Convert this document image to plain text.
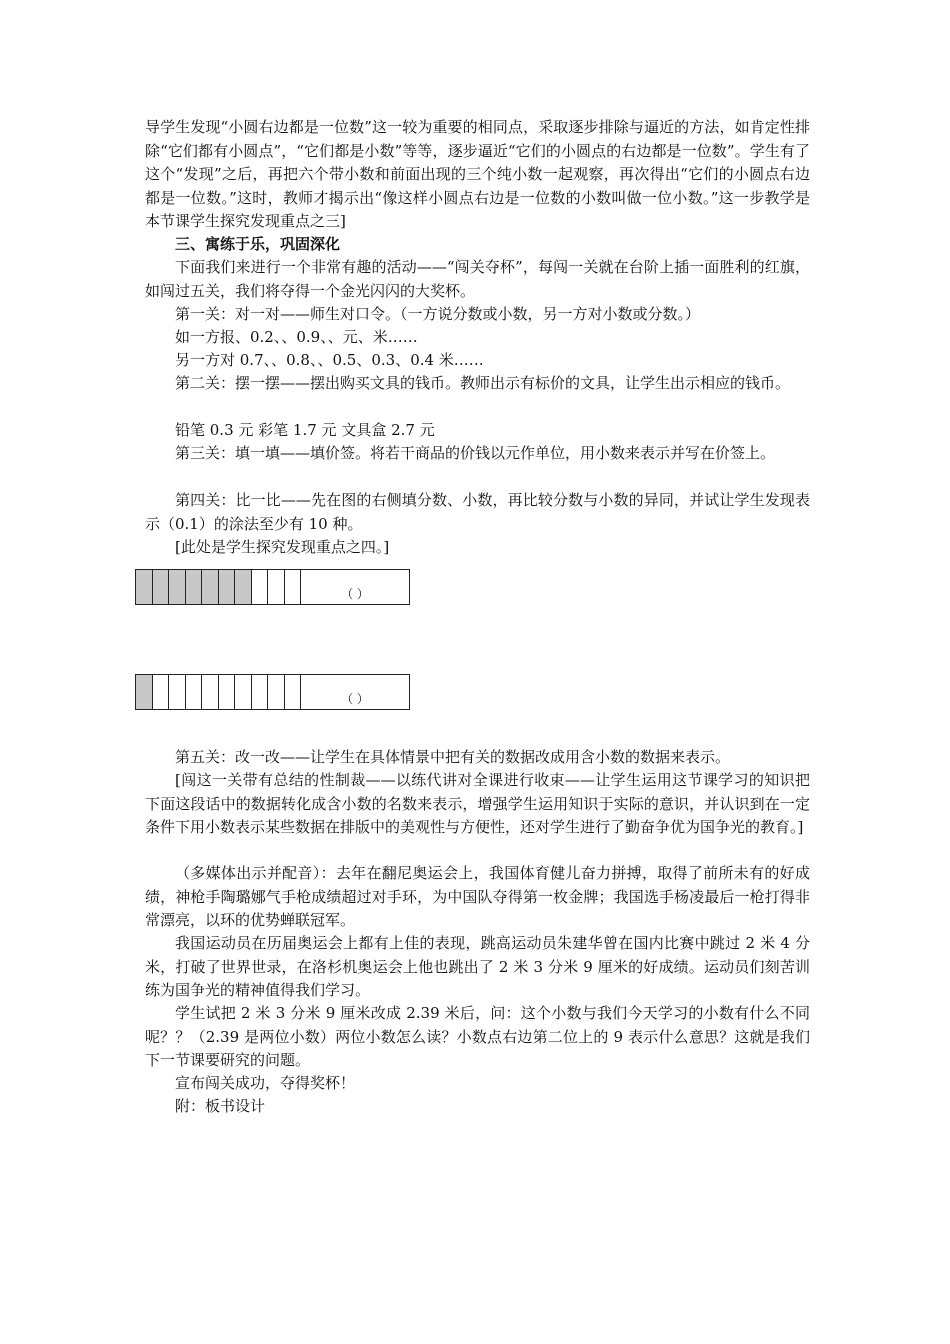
导学生发现“小圆右边都是一位数”这一较为重要的相同点，采取逐步排除与逼近的方法，如肯定性排除“它们都有小圆点”，“它们都是小数”等等，逐步逼近“它们的小圆点的右边都是一位数”。学生有了这个“发现”之后，再把六个带小数和前面出现的三个纯小数一起观察，再次得出“它们的小圆点右边都是一位数。”这时，教师才揭示出“像这样小圆点右边是一位数的小数叫做一位小数。”这一步教学是本节课学生探究发现重点之三]

三、寓练于乐，巩固深化

下面我们来进行一个非常有趣的活动——“闯关夺杯”，每闯一关就在台阶上插一面胜利的红旗，如闯过五关，我们将夺得一个金光闪闪的大奖杯。

第一关：对一对——师生对口令。（一方说分数或小数，另一方对小数或分数。）

如一方报、0.2、、0.9、、元、米……

另一方对 0.7、、0.8、、0.5、0.3、0.4 米……

第二关：摆一摆——摆出购买文具的钱币。教师出示有标价的文具，让学生出示相应的钱币。

铅笔 0.3 元 彩笔 1.7 元 文具盒 2.7 元

第三关：填一填——填价签。将若干商品的价钱以元作单位，用小数来表示并写在价签上。

第四关：比一比——先在图的右侧填分数、小数，再比较分数与小数的异同，并试让学生发现表示（0.1）的涂法至少有 10 种。

[此处是学生探究发现重点之四。]

（ ）
（ ）

第五关：改一改——让学生在具体情景中把有关的数据改成用含小数的数据来表示。

[闯这一关带有总结的性制裁——以练代讲对全课进行收束——让学生运用这节课学习的知识把下面这段话中的数据转化成含小数的名数来表示，增强学生运用知识于实际的意识，并认识到在一定条件下用小数表示某些数据在排版中的美观性与方便性，还对学生进行了勤奋争优为国争光的教育。]

（多媒体出示并配音）：去年在翻尼奥运会上，我国体育健儿奋力拼搏，取得了前所未有的好成绩，神枪手陶璐娜气手枪成绩超过对手环，为中国队夺得第一枚金牌；我国选手杨凌最后一枪打得非常漂亮，以环的优势蝉联冠军。

我国运动员在历届奥运会上都有上佳的表现，跳高运动员朱建华曾在国内比赛中跳过 2 米 4 分米，打破了世界世录，在洛杉机奥运会上他也跳出了 2 米 3 分米 9 厘米的好成绩。运动员们刻苦训练为国争光的精神值得我们学习。

学生试把 2 米 3 分米 9 厘米改成 2.39 米后，问：这个小数与我们今天学习的小数有什么不同呢？？（2.39 是两位小数）两位小数怎么读？小数点右边第二位上的 9 表示什么意思？这就是我们下一节课要研究的问题。

宣布闯关成功，夺得奖杯！

附：板书设计
